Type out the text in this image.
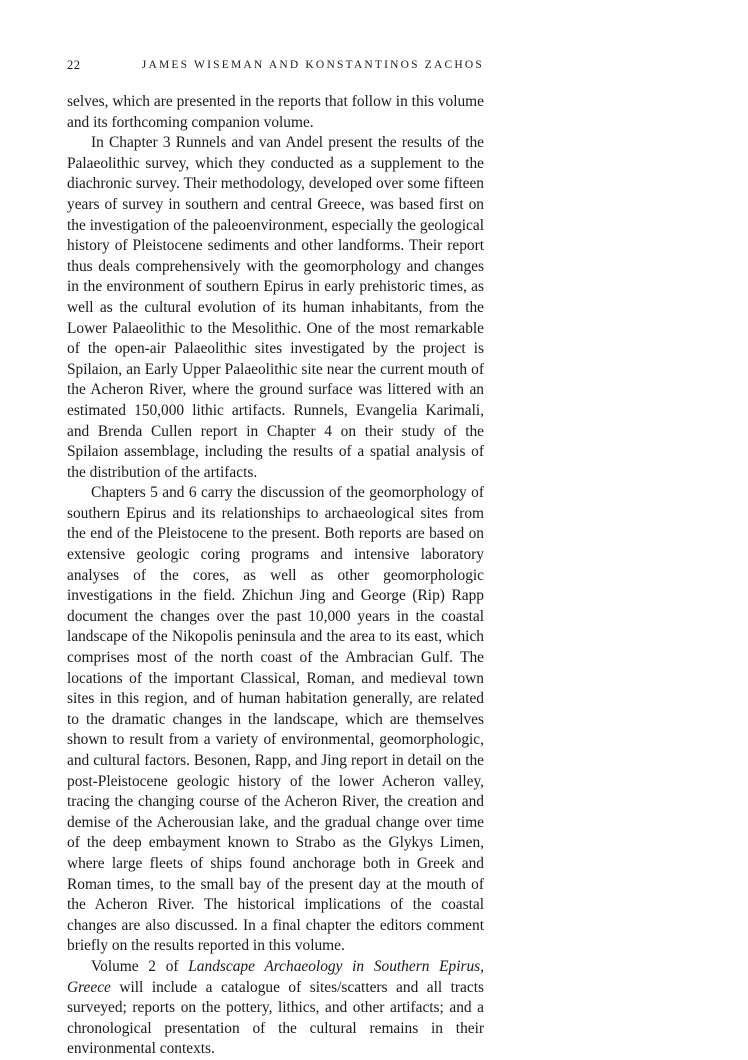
22	JAMES WISEMAN AND KONSTANTINOS ZACHOS

selves, which are presented in the reports that follow in this volume and its forthcoming companion volume.

In Chapter 3 Runnels and van Andel present the results of the Palaeolithic survey, which they conducted as a supplement to the diachronic survey. Their methodology, developed over some fifteen years of survey in southern and central Greece, was based first on the investigation of the paleoenvironment, especially the geological history of Pleistocene sediments and other landforms. Their report thus deals comprehensively with the geomorphology and changes in the environment of southern Epirus in early prehistoric times, as well as the cultural evolution of its human inhabitants, from the Lower Palaeolithic to the Mesolithic. One of the most remarkable of the open-air Palaeolithic sites investigated by the project is Spilaion, an Early Upper Palaeolithic site near the current mouth of the Acheron River, where the ground surface was littered with an estimated 150,000 lithic artifacts. Runnels, Evangelia Karimali, and Brenda Cullen report in Chapter 4 on their study of the Spilaion assemblage, including the results of a spatial analysis of the distribution of the artifacts.

Chapters 5 and 6 carry the discussion of the geomorphology of southern Epirus and its relationships to archaeological sites from the end of the Pleistocene to the present. Both reports are based on extensive geologic coring programs and intensive laboratory analyses of the cores, as well as other geomorphologic investigations in the field. Zhichun Jing and George (Rip) Rapp document the changes over the past 10,000 years in the coastal landscape of the Nikopolis peninsula and the area to its east, which comprises most of the north coast of the Ambracian Gulf. The locations of the important Classical, Roman, and medieval town sites in this region, and of human habitation generally, are related to the dramatic changes in the landscape, which are themselves shown to result from a variety of environmental, geomorphologic, and cultural factors. Besonen, Rapp, and Jing report in detail on the post-Pleistocene geologic history of the lower Acheron valley, tracing the changing course of the Acheron River, the creation and demise of the Acherousian lake, and the gradual change over time of the deep embayment known to Strabo as the Glykys Limen, where large fleets of ships found anchorage both in Greek and Roman times, to the small bay of the present day at the mouth of the Acheron River. The historical implications of the coastal changes are also discussed. In a final chapter the editors comment briefly on the results reported in this volume.

Volume 2 of Landscape Archaeology in Southern Epirus, Greece will include a catalogue of sites/scatters and all tracts surveyed; reports on the pottery, lithics, and other artifacts; and a chronological presentation of the cultural remains in their environmental contexts.
